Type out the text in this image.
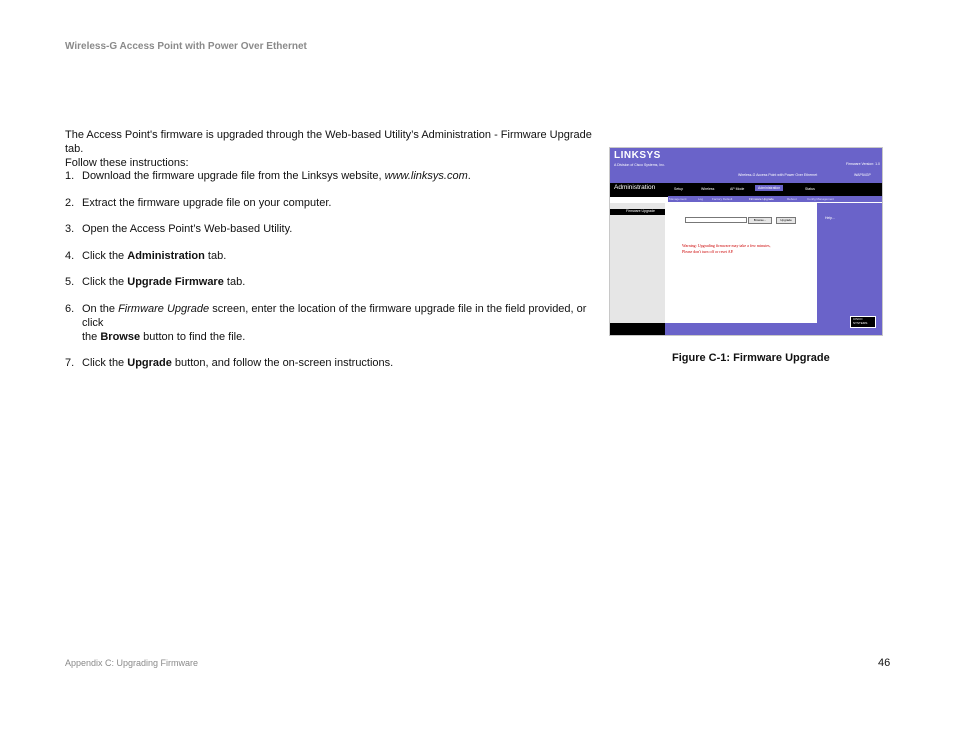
Wireless-G Access Point with Power Over Ethernet
The Access Point's firmware is upgraded through the Web-based Utility’s Administration - Firmware Upgrade tab.
Follow these instructions:
1. Download the firmware upgrade file from the Linksys website, www.linksys.com.
2. Extract the firmware upgrade file on your computer.
3. Open the Access Point’s Web-based Utility.
4. Click the Administration tab.
5. Click the Upgrade Firmware tab.
6. On the Firmware Upgrade screen, enter the location of the firmware upgrade file in the field provided, or click
the Browse button to find the file.
7. Click the Upgrade button, and follow the on-screen instructions.
LINKSYS
A Division of Cisco Systems, Inc.	Firmware Version: 1.0
Wireless-G Access Point with Power Over Ethernet	WAP54GP
Administration	Setup	Wireless	AP Mode	Administration	Status
Management	Log	Factory Default	Firmware Upgrade	Reboot	Config Management
Firmware Upgrade
Browse...	Upgrade
Warning: Upgrading firmware may take a few minutes,
Please don't turn off or reset AP.
Help...
CISCO SYSTEMS
Figure C-1: Firmware Upgrade
Appendix C: Upgrading Firmware	46
